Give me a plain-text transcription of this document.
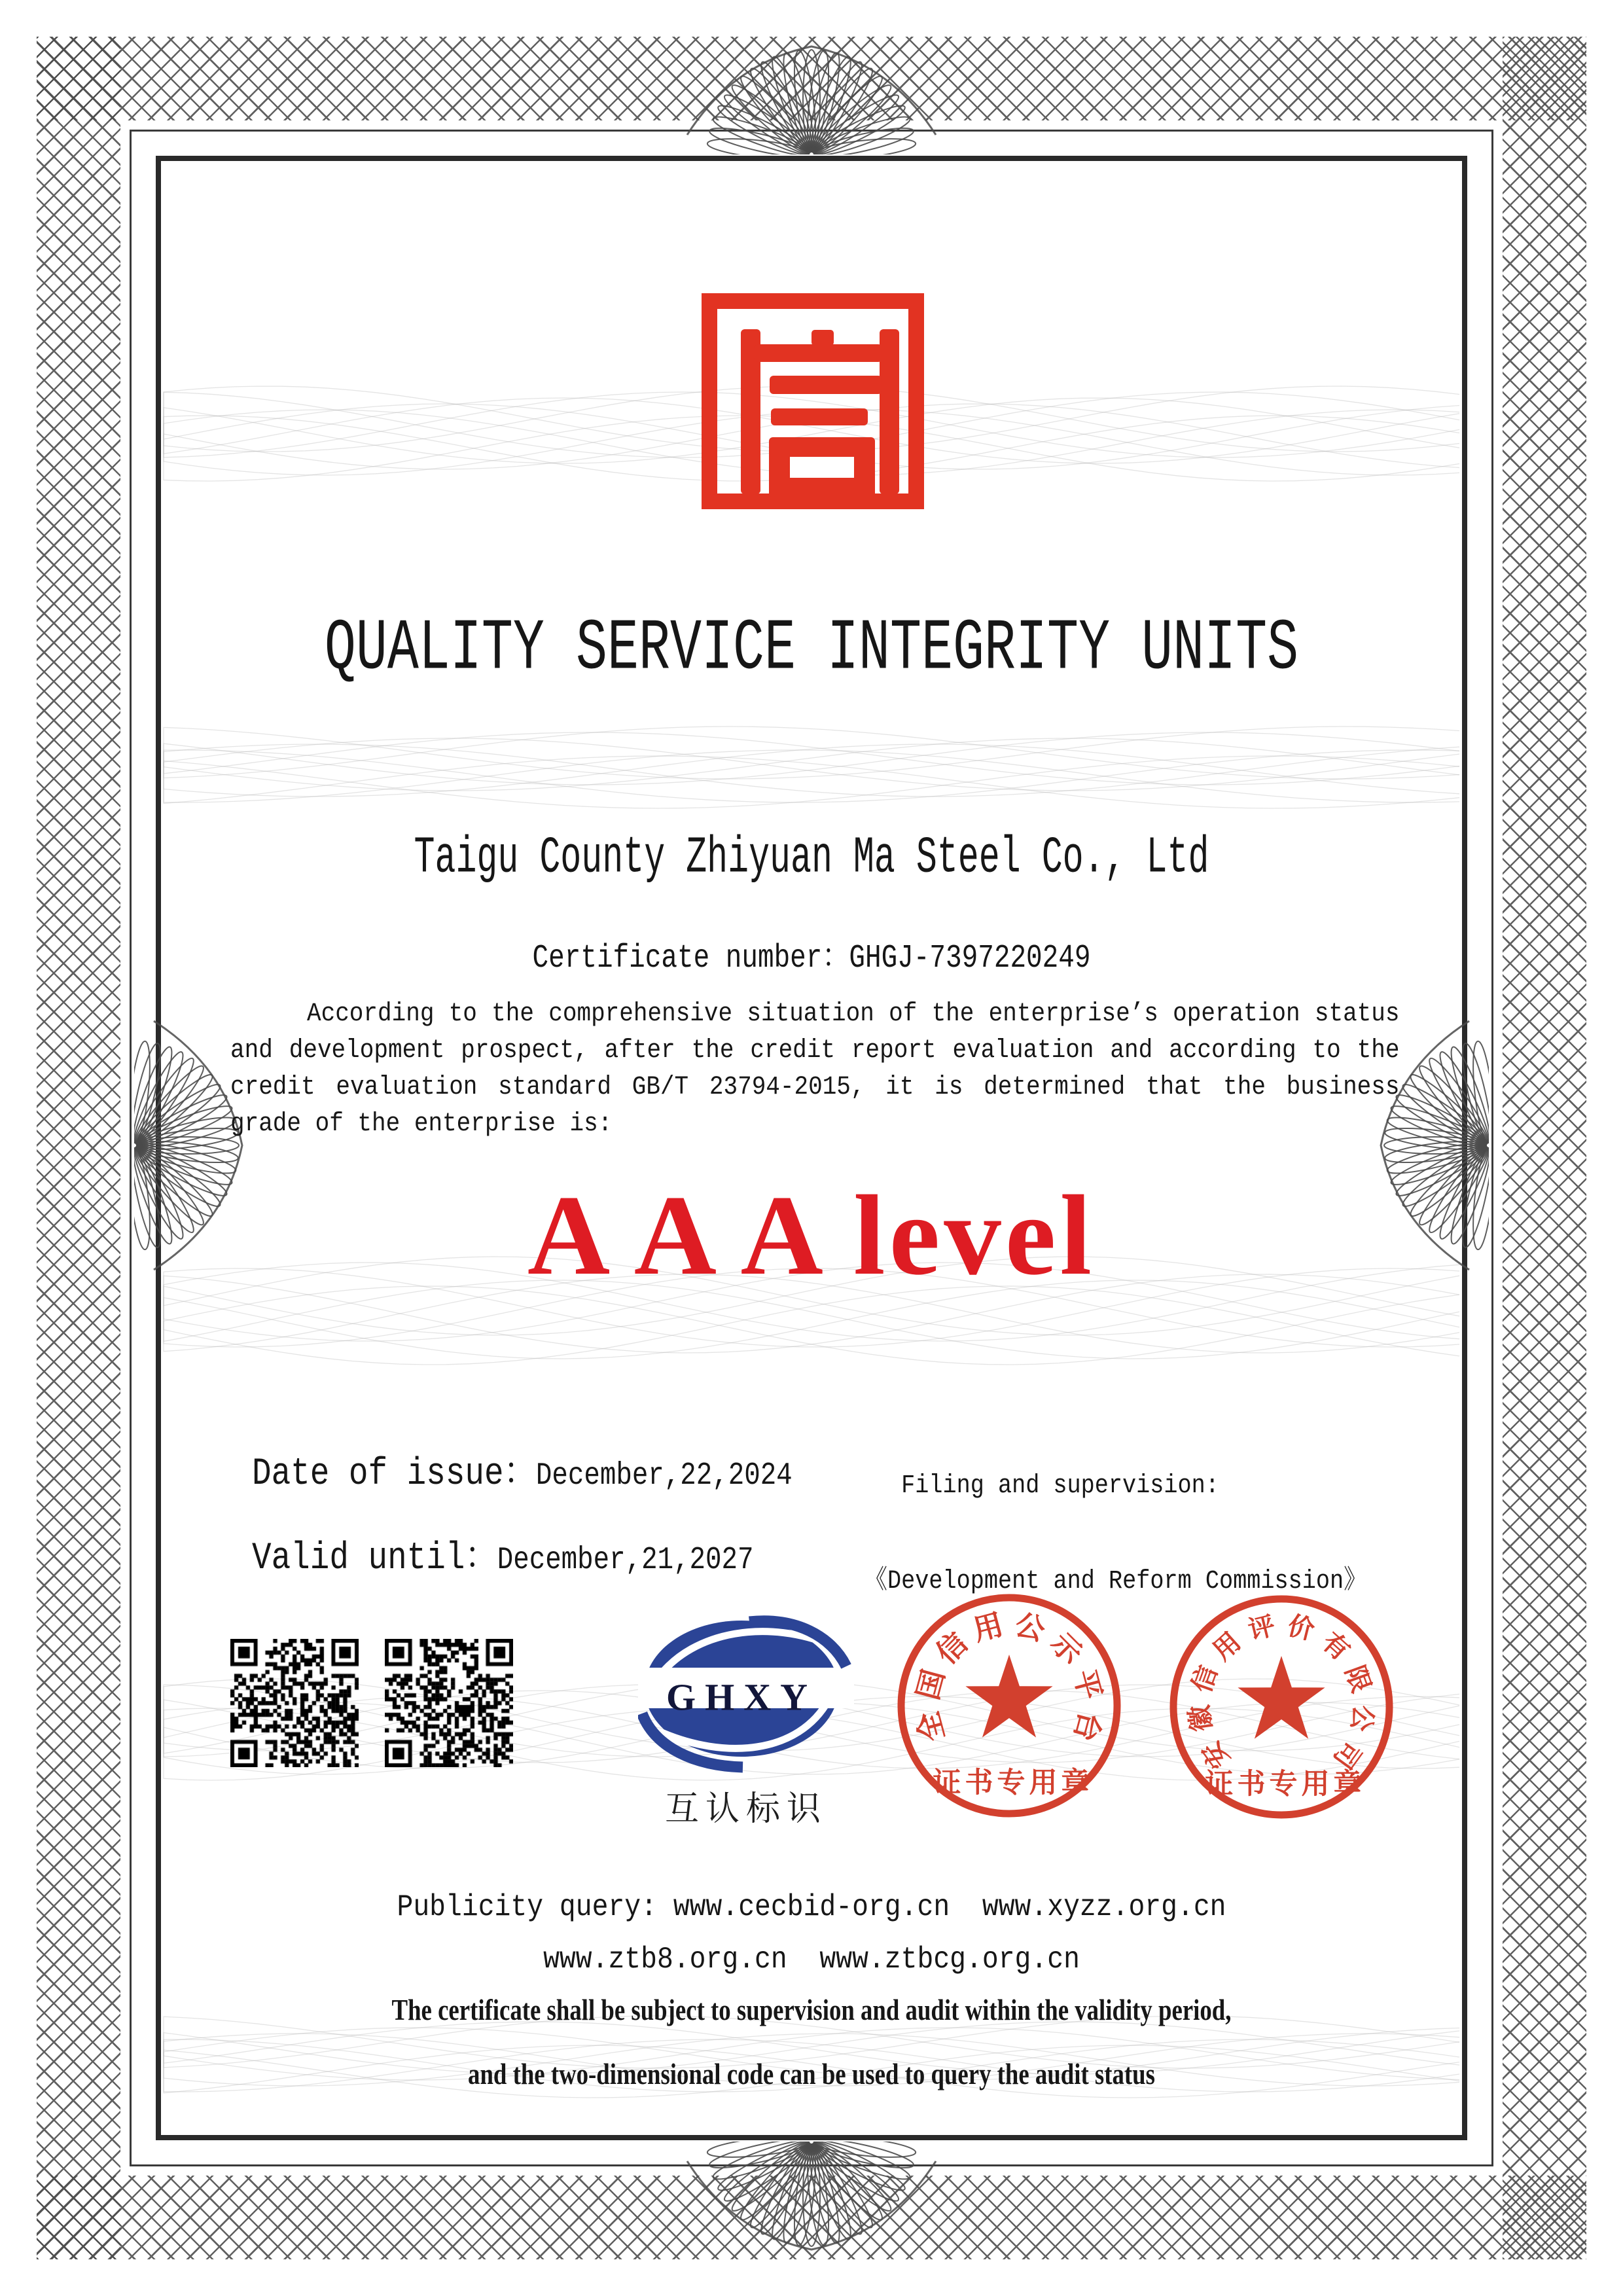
QUALITY SERVICE INTEGRITY UNITS
Taigu County Zhiyuan Ma Steel Co., Ltd
Certificate number：GHGJ-7397220249
According to the comprehensive situation of the enterprise’s operation status and development prospect, after the credit report evaluation and according to the credit evaluation standard GB/T 23794-2015, it is determined that the business grade of the enterprise is:
A A A level
Date of issue： December,22,2024
Valid until： December,21,2027

Filing and supervision:

《Development and Reform Commission》

GHXY
互认标识
全
国
信
用 公
示
平
台
证书专用章
安
徽
信
用
评 价
有
限
公
司
证书专用章
Publicity query: www.cecbid-org.cn  www.xyzz.org.cn
www.ztb8.org.cn  www.ztbcg.org.cn
The certificate shall be subject to supervision and audit within the validity period,
and the two-dimensional code can be used to query the audit status
